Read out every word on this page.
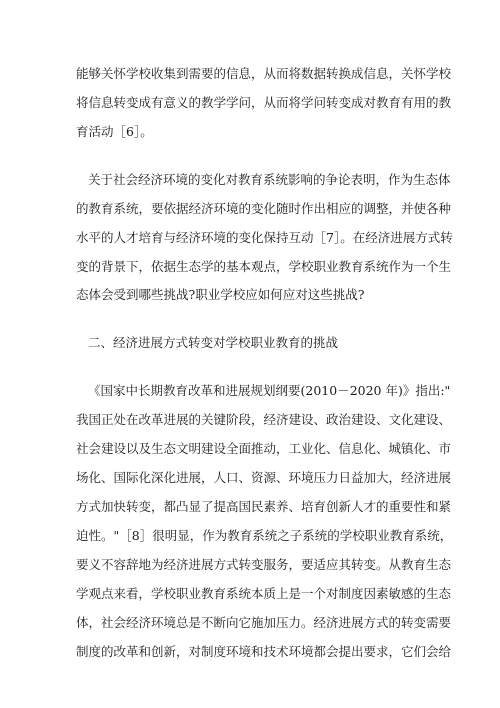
能够关怀学校收集到需要的信息，从而将数据转换成信息，关怀学校
将信息转变成有意义的教学学问，从而将学问转变成对教育有用的教
育活动［6］。
关于社会经济环境的变化对教育系统影响的争论表明，作为生态体
的教育系统，要依据经济环境的变化随时作出相应的调整，并使各种
水平的人才培育与经济环境的变化保持互动［7］。在经济进展方式转
变的背景下，依据生态学的基本观点，学校职业教育系统作为一个生
态体会受到哪些挑战?职业学校应如何应对这些挑战?
二、经济进展方式转变对学校职业教育的挑战
《国家中长期教育改革和进展规划纲要(2010－2020 年)》指出:"
我国正处在改革进展的关键阶段，经济建设、政治建设、文化建设、
社会建设以及生态文明建设全面推动，工业化、信息化、城镇化、市
场化、国际化深化进展，人口、资源、环境压力日益加大，经济进展
方式加快转变，都凸显了提高国民素养、培育创新人才的重要性和紧
迫性。"［8］很明显，作为教育系统之子系统的学校职业教育系统，
要义不容辞地为经济进展方式转变服务，要适应其转变。从教育生态
学观点来看，学校职业教育系统本质上是一个对制度因素敏感的生态
体，社会经济环境总是不断向它施加压力。经济进展方式的转变需要
制度的改革和创新，对制度环境和技术环境都会提出要求，它们会给
